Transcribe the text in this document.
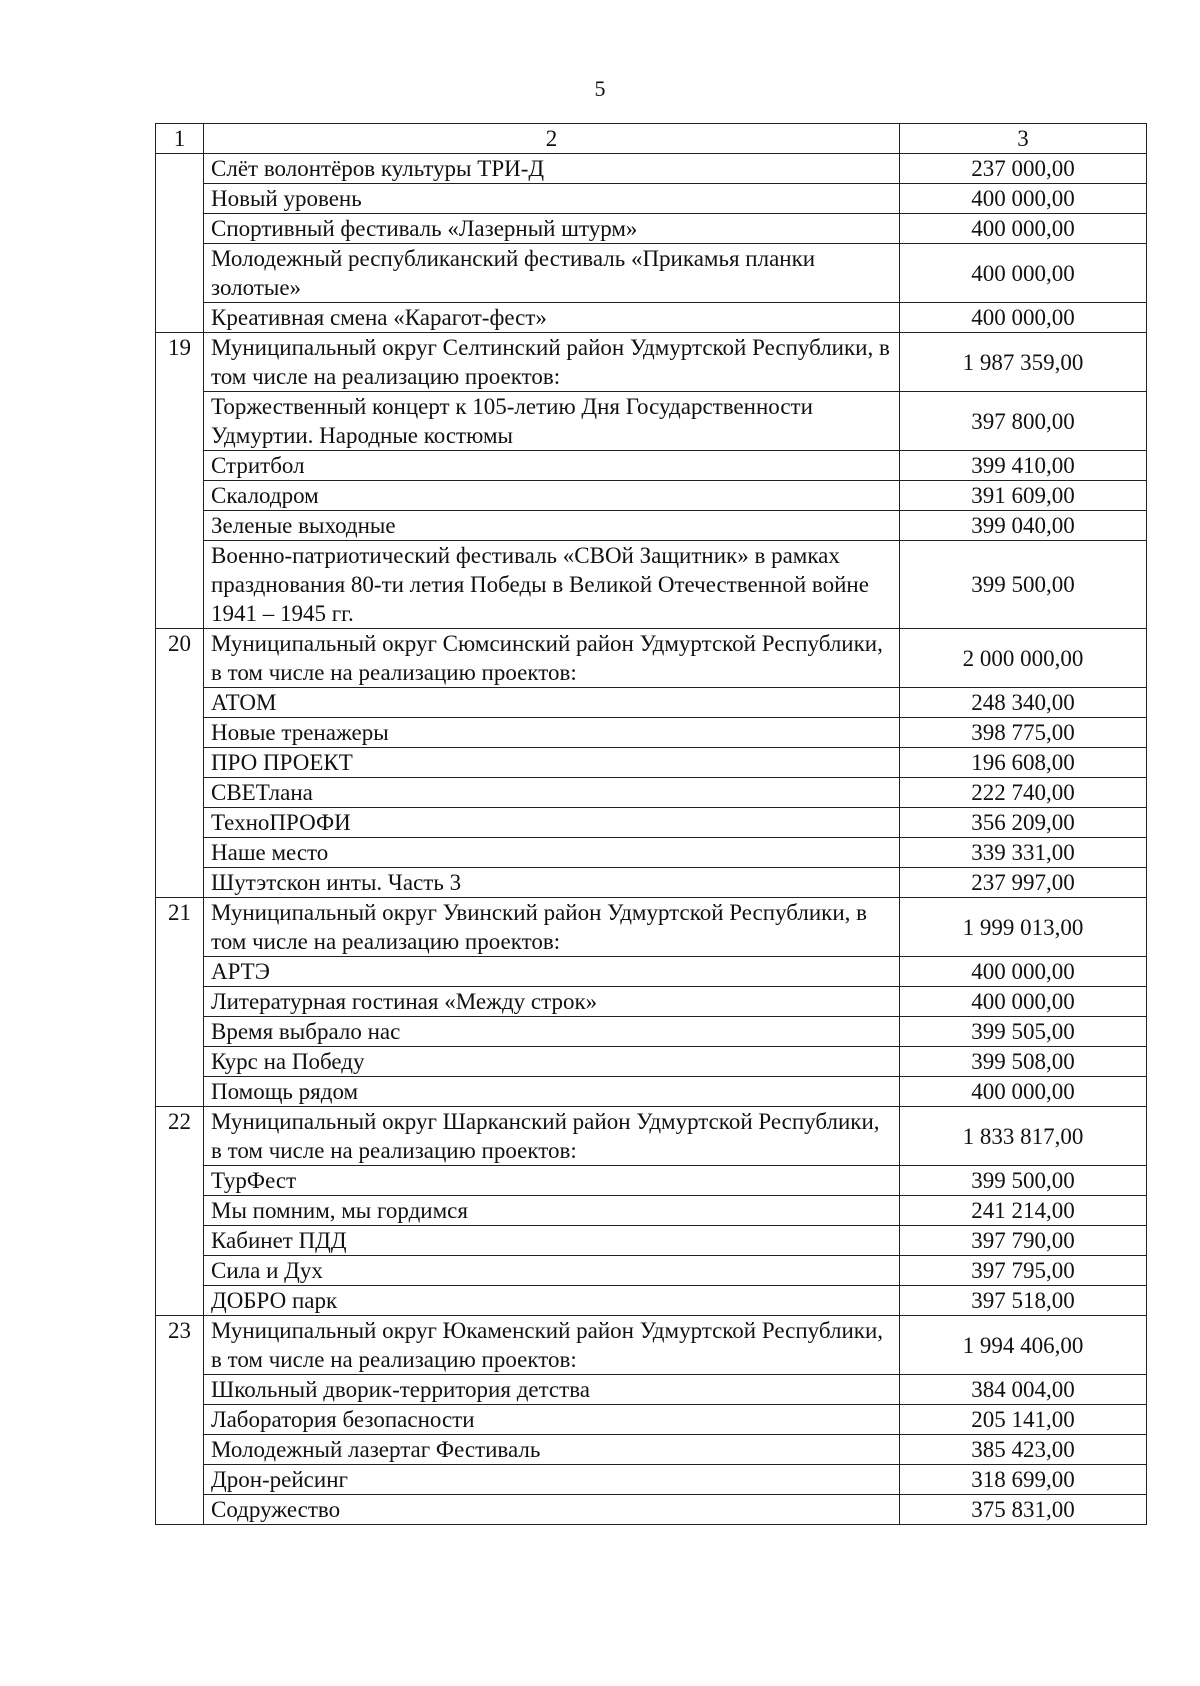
5
1	2	3
	Слёт волонтёров культуры ТРИ-Д	237 000,00
	Новый уровень	400 000,00
	Спортивный фестиваль «Лазерный штурм»	400 000,00
	Молодежный республиканский фестиваль «Прикамья планки золотые»	400 000,00
	Креативная смена «Карагот-фест»	400 000,00
19	Муниципальный округ Селтинский район Удмуртской Республики, в том числе на реализацию проектов:	1 987 359,00
	Торжественный концерт к 105-летию Дня Государственности Удмуртии. Народные костюмы	397 800,00
	Стритбол	399 410,00
	Скалодром	391 609,00
	Зеленые выходные	399 040,00
	Военно-патриотический фестиваль «СВОй Защитник» в рамках празднования 80-ти летия Победы в Великой Отечественной войне 1941 – 1945 гг.	399 500,00
20	Муниципальный округ Сюмсинский район Удмуртской Республики, в том числе на реализацию проектов:	2 000 000,00
	АТОМ	248 340,00
	Новые тренажеры	398 775,00
	ПРО ПРОЕКТ	196 608,00
	СВЕТлана	222 740,00
	ТехноПРОФИ	356 209,00
	Наше место	339 331,00
	Шутэтскон инты. Часть 3	237 997,00
21	Муниципальный округ Увинский район Удмуртской Республики, в том числе на реализацию проектов:	1 999 013,00
	АРТЭ	400 000,00
	Литературная гостиная «Между строк»	400 000,00
	Время выбрало нас	399 505,00
	Курс на Победу	399 508,00
	Помощь рядом	400 000,00
22	Муниципальный округ Шарканский район Удмуртской Республики, в том числе на реализацию проектов:	1 833 817,00
	ТурФест	399 500,00
	Мы помним, мы гордимся	241 214,00
	Кабинет ПДД	397 790,00
	Сила и Дух	397 795,00
	ДОБРО парк	397 518,00
23	Муниципальный округ Юкаменский район Удмуртской Республики, в том числе на реализацию проектов:	1 994 406,00
	Школьный дворик-территория детства	384 004,00
	Лаборатория безопасности	205 141,00
	Молодежный лазертаг Фестиваль	385 423,00
	Дрон-рейсинг	318 699,00
	Содружество	375 831,00
